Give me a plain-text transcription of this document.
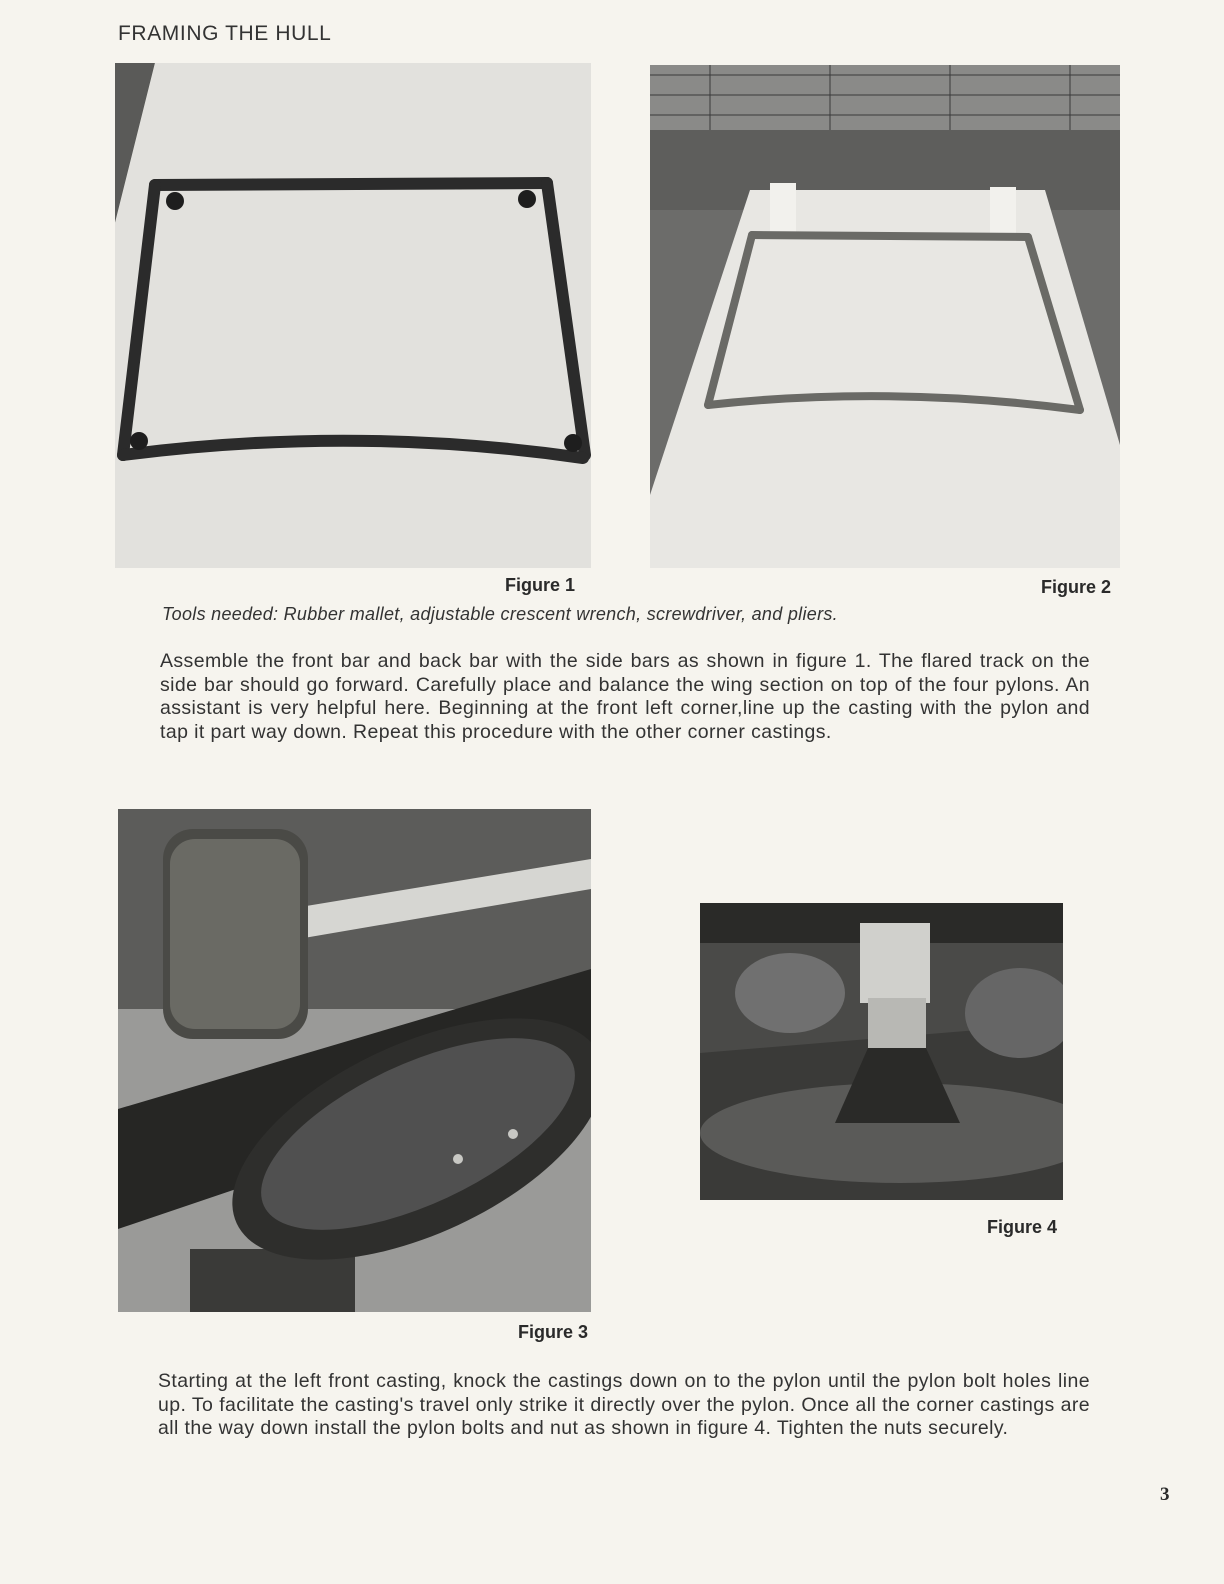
FRAMING THE HULL
Figure 1	Figure 2
Tools needed: Rubber mallet, adjustable crescent wrench, screwdriver, and pliers.
Assemble the front bar and back bar with the side bars as shown in figure 1. The flared track on the side bar should go forward. Carefully place and balance the wing section on top of the four pylons. An assistant is very helpful here. Beginning at the front left corner,line up the casting with the pylon and tap it part way down. Repeat this procedure with the other corner castings.
Figure 3
Figure 4
Starting at the left front casting, knock the castings down on to the pylon until the pylon bolt holes line up. To facilitate the casting's travel only strike it directly over the pylon. Once all the corner castings are all the way down install the pylon bolts and nut as shown in figure 4. Tighten the nuts securely.
3
